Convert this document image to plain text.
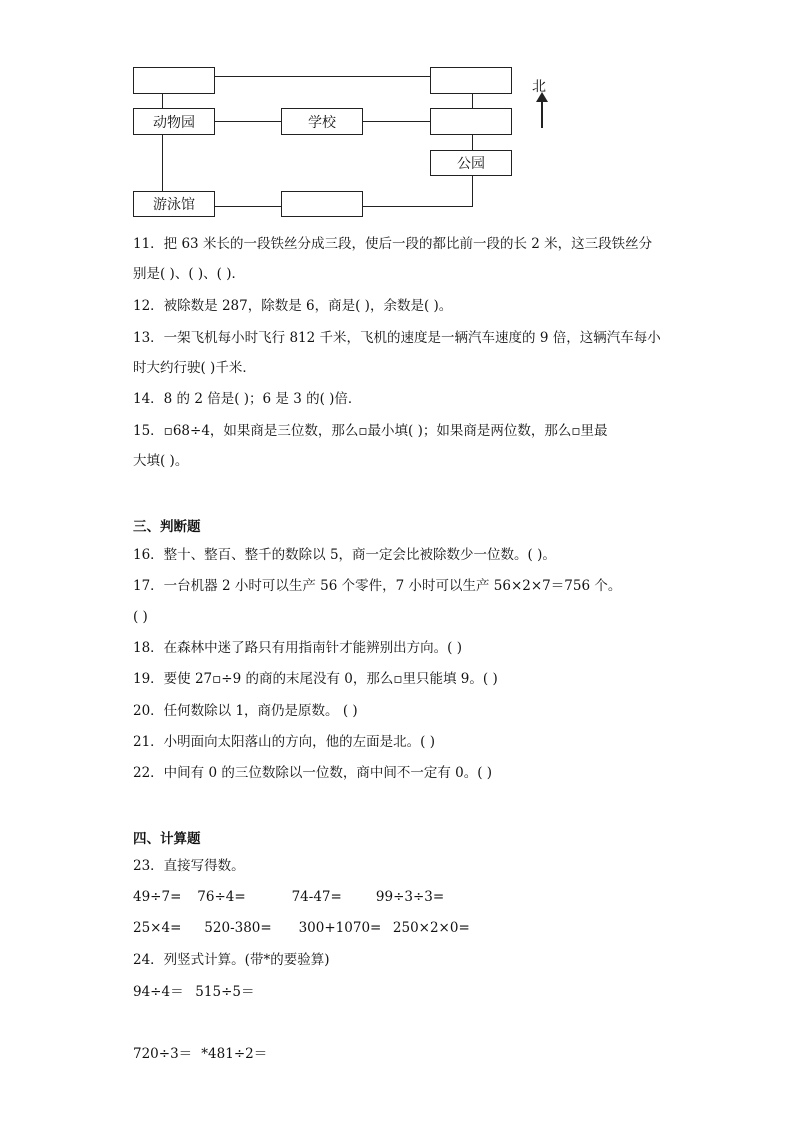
动物园	学校
公园
游泳馆
北
11．把 63 米长的一段铁丝分成三段，使后一段的都比前一段的长 2 米，这三段铁丝分
别是( )、( )、( )．
12．被除数是 287，除数是 6，商是( )，余数是( )。
13．一架飞机每小时飞行 812 千米，飞机的速度是一辆汽车速度的 9 倍，这辆汽车每小
时大约行驶( )千米．
14．8 的 2 倍是( )；6 是 3 的( )倍．
15．▫68÷4，如果商是三位数，那么▫最小填( )；如果商是两位数，那么▫里最
大填( )。
三、判断题
16．整十、整百、整千的数除以 5，商一定会比被除数少一位数。( )。
17．一台机器 2 小时可以生产 56 个零件，7 小时可以生产 56×2×7＝756 个。
( )
18．在森林中迷了路只有用指南针才能辨别出方向。( )
19．要使 27▫÷9 的商的末尾没有 0，那么▫里只能填 9。( )
20．任何数除以 1，商仍是原数。 ( )
21．小明面向太阳落山的方向，他的左面是北。( )
22．中间有 0 的三位数除以一位数，商中间不一定有 0。( )
四、计算题
23．直接写得数。
49÷7= 76÷4=	74-47=	99÷3÷3=
25×4= 520-380= 300+1070= 250×2×0=
24．列竖式计算。(带*的要验算)
94÷4＝ 515÷5＝
720÷3＝ *481÷2＝
